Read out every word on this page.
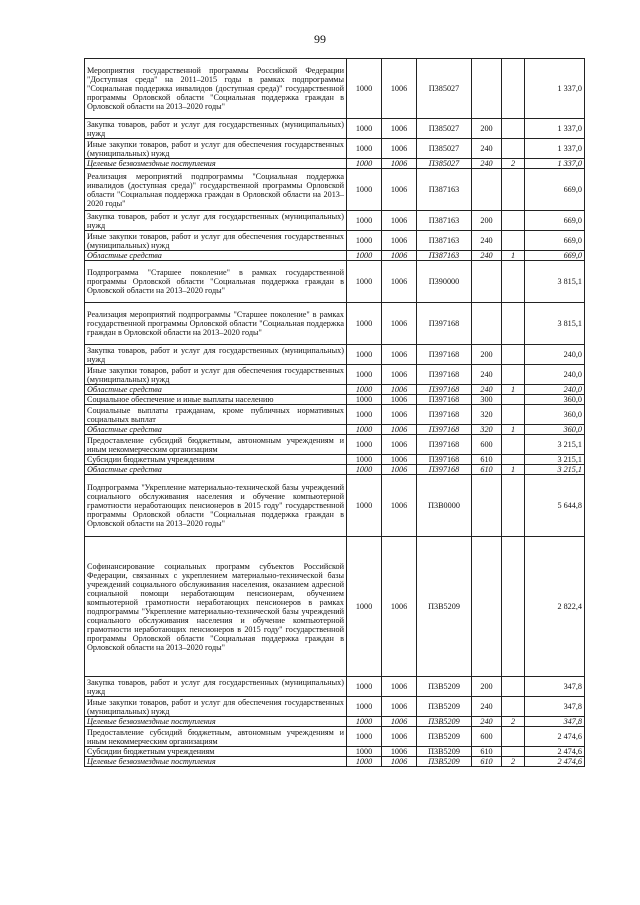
99
Мероприятия государственной программы Российской Федерации "Доступная среда" на 2011–2015 годы в рамках подпрограммы "Социальная поддержка инвалидов (доступная среда)" государственной программы Орловской области "Социальная поддержка граждан в Орловской области на 2013–2020 годы"	1000	1006	П385027			1 337,0
Закупка товаров, работ и услуг для государственных (муниципальных) нужд	1000	1006	П385027	200		1 337,0
Иные закупки товаров, работ и услуг для обеспечения государственных (муниципальных) нужд	1000	1006	П385027	240		1 337,0
Целевые безвозмездные поступления	1000	1006	П385027	240	2	1 337,0
Реализация мероприятий подпрограммы "Социальная поддержка инвалидов (доступная среда)" государственной программы Орловской области "Социальная поддержка граждан в Орловской области на 2013–2020 годы"	1000	1006	П387163			669,0
Закупка товаров, работ и услуг для государственных (муниципальных) нужд	1000	1006	П387163	200		669,0
Иные закупки товаров, работ и услуг для обеспечения государственных (муниципальных) нужд	1000	1006	П387163	240		669,0
Областные средства	1000	1006	П387163	240	1	669,0
Подпрограмма "Старшее поколение" в рамках государственной программы Орловской области "Социальная поддержка граждан в Орловской области на 2013–2020 годы"	1000	1006	П390000			3 815,1
Реализация мероприятий подпрограммы "Старшее поколение" в рамках государственной программы Орловской области "Социальная поддержка граждан в Орловской области на 2013–2020 годы"	1000	1006	П397168			3 815,1
Закупка товаров, работ и услуг для государственных (муниципальных) нужд	1000	1006	П397168	200		240,0
Иные закупки товаров, работ и услуг для обеспечения государственных (муниципальных) нужд	1000	1006	П397168	240		240,0
Областные средства	1000	1006	П397168	240	1	240,0
Социальное обеспечение и иные выплаты населению	1000	1006	П397168	300		360,0
Социальные выплаты гражданам, кроме публичных нормативных социальных выплат	1000	1006	П397168	320		360,0
Областные средства	1000	1006	П397168	320	1	360,0
Предоставление субсидий бюджетным, автономным учреждениям и иным некоммерческим организациям	1000	1006	П397168	600		3 215,1
Субсидии бюджетным учреждениям	1000	1006	П397168	610		3 215,1
Областные средства	1000	1006	П397168	610	1	3 215,1
Подпрограмма "Укрепление материально-технической базы учреждений социального обслуживания населения и обучение компьютерной грамотности неработающих пенсионеров в 2015 году" государственной программы Орловской области "Социальная поддержка граждан в Орловской области на 2013–2020 годы"	1000	1006	П3В0000			5 644,8
Софинансирование социальных программ субъектов Российской Федерации, связанных с укреплением материально-технической базы учреждений социального обслуживания населения, оказанием адресной социальной помощи неработающим пенсионерам, обучением компьютерной грамотности неработающих пенсионеров в рамках подпрограммы "Укрепление материально-технической базы учреждений социального обслуживания населения и обучение компьютерной грамотности неработающих пенсионеров в 2015 году" государственной программы Орловской области "Социальная поддержка граждан в Орловской области на 2013–2020 годы"	1000	1006	П3В5209			2 822,4
Закупка товаров, работ и услуг для государственных (муниципальных) нужд	1000	1006	П3В5209	200		347,8
Иные закупки товаров, работ и услуг для обеспечения государственных (муниципальных) нужд	1000	1006	П3В5209	240		347,8
Целевые безвозмездные поступления	1000	1006	П3В5209	240	2	347,8
Предоставление субсидий бюджетным, автономным учреждениям и иным некоммерческим организациям	1000	1006	П3В5209	600		2 474,6
Субсидии бюджетным учреждениям	1000	1006	П3В5209	610		2 474,6
Целевые безвозмездные поступления	1000	1006	П3В5209	610	2	2 474,6
